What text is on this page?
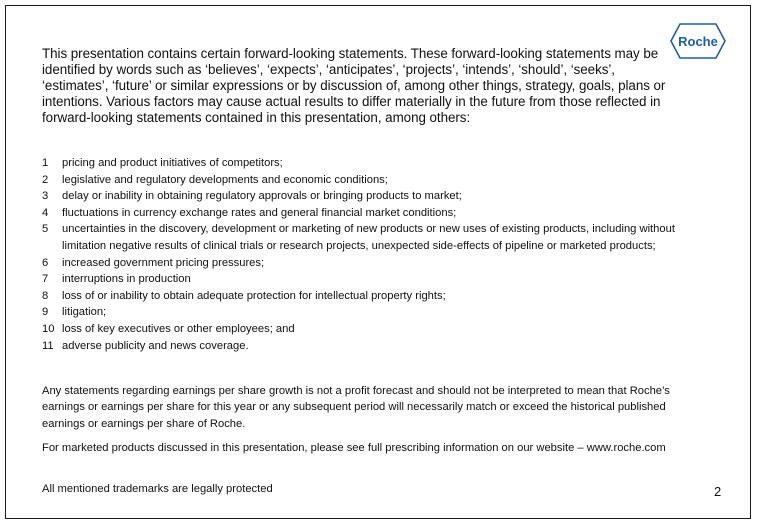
Roche

This presentation contains certain forward-looking statements. These forward-looking statements may be identified by words such as ‘believes’, ‘expects’, ‘anticipates’, ‘projects’, ‘intends’, ‘should’, ‘seeks’, ‘estimates’, ‘future’ or similar expressions or by discussion of, among other things, strategy, goals, plans or intentions. Various factors may cause actual results to differ materially in the future from those reflected in forward-looking statements contained in this presentation, among others:

1	pricing and product initiatives of competitors;
2	legislative and regulatory developments and economic conditions;
3	delay or inability in obtaining regulatory approvals or bringing products to market;
4	fluctuations in currency exchange rates and general financial market conditions;
5	uncertainties in the discovery, development or marketing of new products or new uses of existing products, including without limitation negative results of clinical trials or research projects, unexpected side-effects of pipeline or marketed products;
6	increased government pricing pressures;
7	interruptions in production
8	loss of or inability to obtain adequate protection for intellectual property rights;
9	litigation;
10 loss of key executives or other employees; and
11 adverse publicity and news coverage.

Any statements regarding earnings per share growth is not a profit forecast and should not be interpreted to mean that Roche’s earnings or earnings per share for this year or any subsequent period will necessarily match or exceed the historical published earnings or earnings per share of Roche.

For marketed products discussed in this presentation, please see full prescribing information on our website – www.roche.com

All mentioned trademarks are legally protected	2
